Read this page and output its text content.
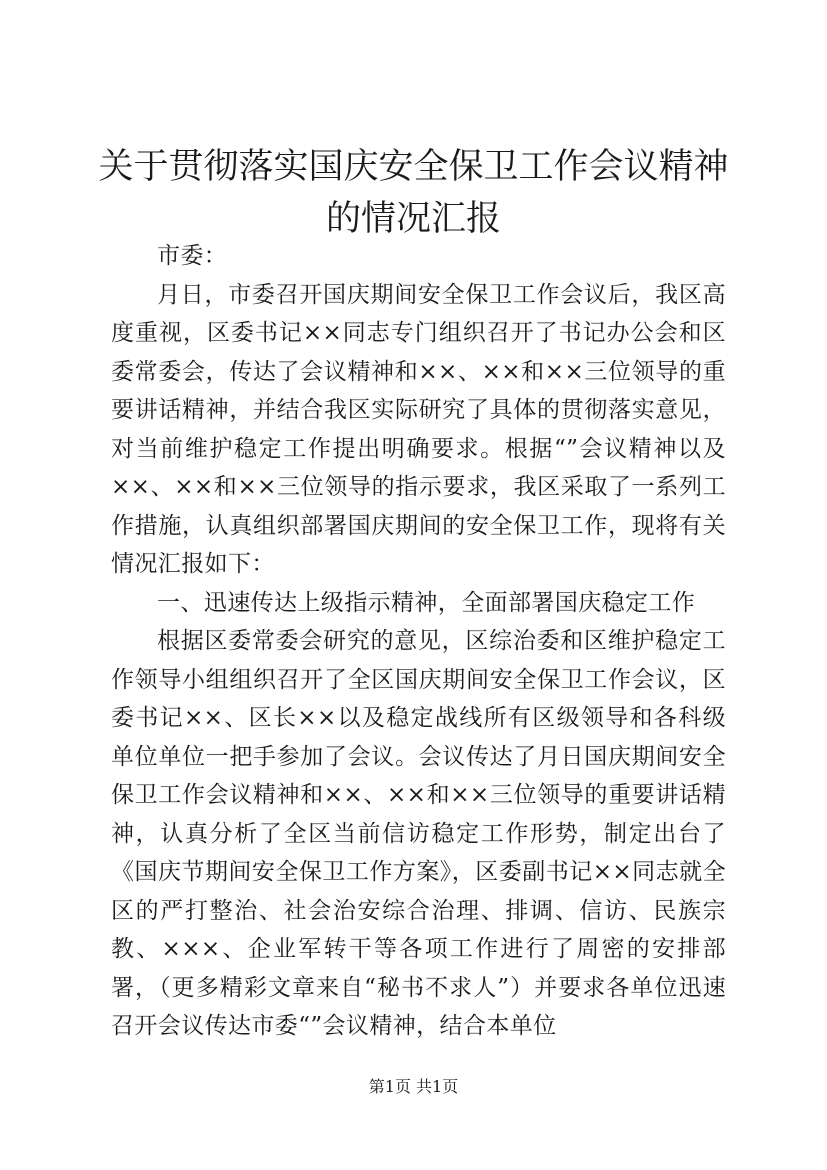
关于贯彻落实国庆安全保卫工作会议精神的情况汇报

市委：

月日，市委召开国庆期间安全保卫工作会议后，我区高度重视，区委书记××同志专门组织召开了书记办公会和区委常委会，传达了会议精神和××、××和××三位领导的重要讲话精神，并结合我区实际研究了具体的贯彻落实意见，对当前维护稳定工作提出明确要求。根据“”会议精神以及××、××和××三位领导的指示要求，我区采取了一系列工作措施，认真组织部署国庆期间的安全保卫工作，现将有关情况汇报如下：

一、迅速传达上级指示精神，全面部署国庆稳定工作

根据区委常委会研究的意见，区综治委和区维护稳定工作领导小组组织召开了全区国庆期间安全保卫工作会议，区委书记××、区长××以及稳定战线所有区级领导和各科级单位单位一把手参加了会议。会议传达了月日国庆期间安全保卫工作会议精神和××、××和××三位领导的重要讲话精神，认真分析了全区当前信访稳定工作形势，制定出台了《国庆节期间安全保卫工作方案》，区委副书记××同志就全区的严打整治、社会治安综合治理、排调、信访、民族宗教、×××、企业军转干等各项工作进行了周密的安排部署，（更多精彩文章来自“秘书不求人”）并要求各单位迅速召开会议传达市委“”会议精神，结合本单位

第1页 共1页
